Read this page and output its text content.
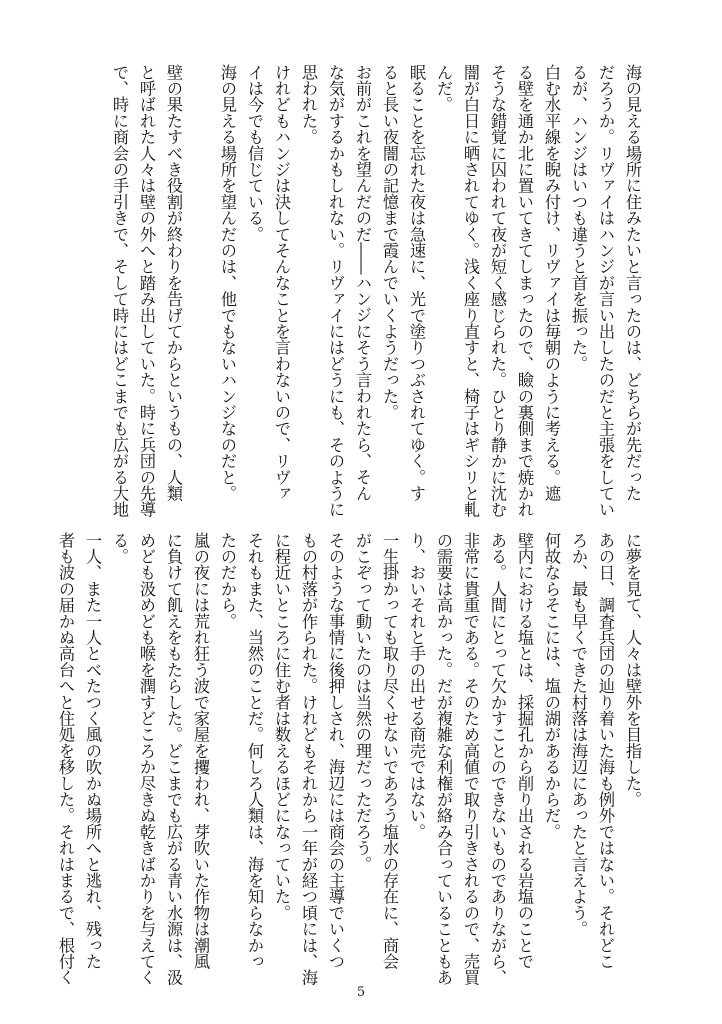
海の見える場所に住みたいと言ったのは、どちらが先だった

だろうか。リヴァイはハンジが言い出したのだと主張をしてい

るが、ハンジはいつも違うと首を振った。

白む水平線を睨み付け、リヴァイは毎朝のように考える。遮

る壁を通か北に置いてきてしまったので、瞼の裏側まで焼かれ

そうな錯覚に囚われて夜が短く感じられた。ひとり静かに沈む

闇が白日に晒されてゆく。浅く座り直すと、椅子はギシリと軋

んだ。

眠ることを忘れた夜は急速に、光で塗りつぶされてゆく。す

ると長い夜闇の記憶まで霞んでいくようだった。

お前がこれを望んだのだ――ハンジにそう言われたら、そん

な気がするかもしれない。リヴァイにはどうにも、そのように

思われた。

けれどもハンジは決してそんなことを言わないので、リヴァ

イは今でも信じている。

海の見える場所を望んだのは、他でもないハンジなのだと。

壁の果たすべき役割が終わりを告げてからというもの、人類

と呼ばれた人々は壁の外へと踏み出していた。時に兵団の先導

で、時に商会の手引きで、そして時にはどこまでも広がる大地

に夢を見て、人々は壁外を目指した。

あの日、調査兵団の辿り着いた海も例外ではない。それどこ

ろか、最も早くできた村落は海辺にあったと言えよう。

何故ならそこには、塩の湖があるからだ。

壁内における塩とは、採掘孔から削り出される岩塩のことで

ある。人間にとって欠かすことのできないものでありながら、

非常に貴重である。そのため高値で取り引きされるので、売買

の需要は高かった。だが複雑な利権が絡み合っていることもあ

り、おいそれと手の出せる商売ではない。

一生掛かっても取り尽くせないであろう塩水の存在に、商会

がこぞって動いたのは当然の理だっただろう。

そのような事情に後押しされ、海辺には商会の主導でいくつ

もの村落が作られた。けれどもそれから一年が経つ頃には、海

に程近いところに住む者は数えるほどになっていた。

それもまた、当然のことだ。何しろ人類は、海を知らなかっ

たのだから。

嵐の夜には荒れ狂う波で家屋を攫われ、芽吹いた作物は潮風

に負けて飢えをもたらした。どこまでも広がる青い水源は、汲

めども汲めども喉を潤すどころか尽きぬ乾きばかりを与えてく

る。

一人、また一人とべたつく風の吹かぬ場所へと逃れ、残った

者も波の届かぬ高台へと住処を移した。それはまるで、根付く

5
